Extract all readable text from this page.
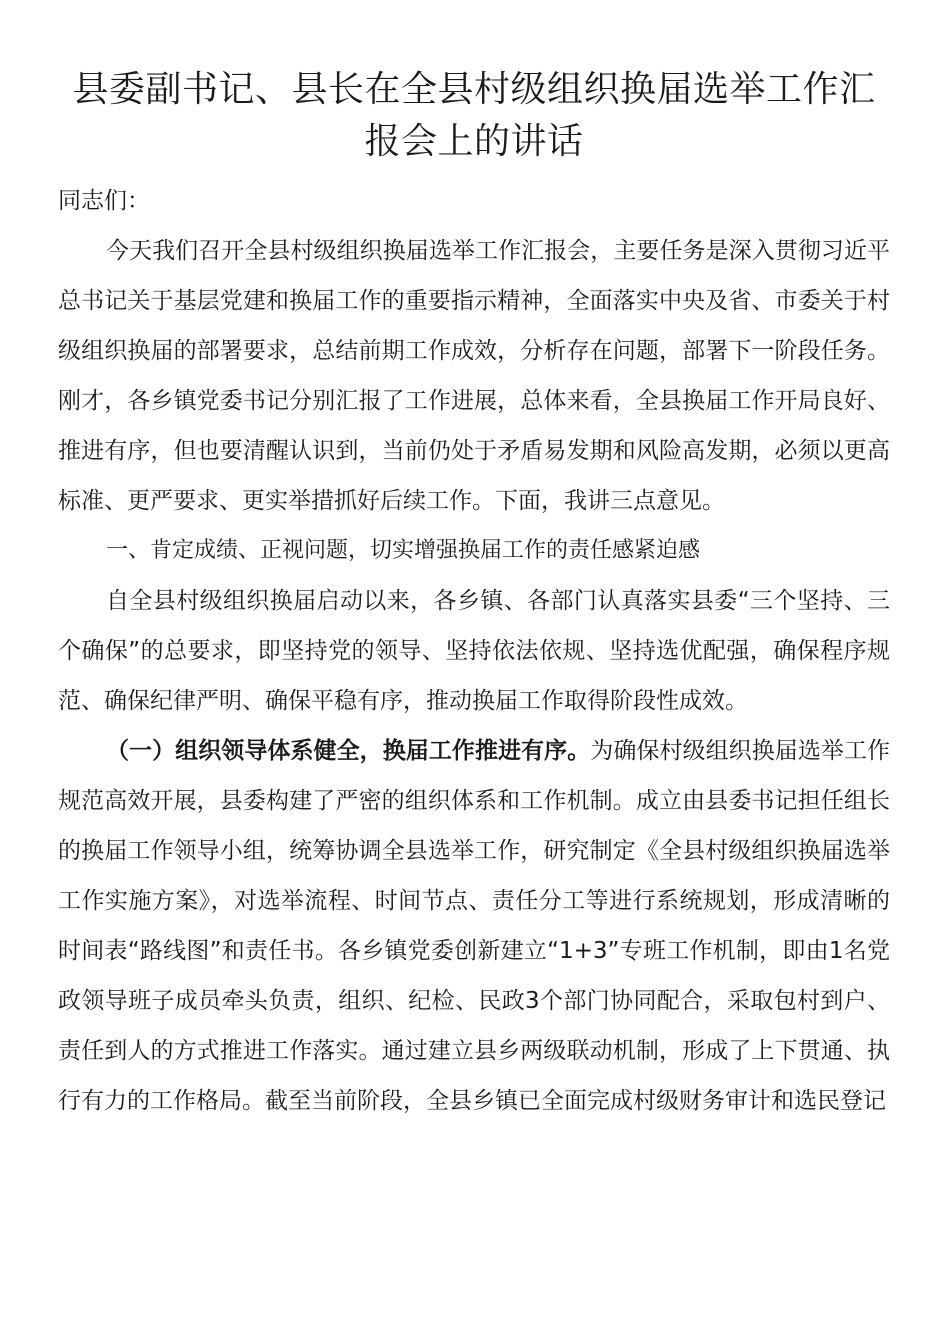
县委副书记、县长在全县村级组织换届选举工作汇报会上的讲话

同志们：

今天我们召开全县村级组织换届选举工作汇报会，主要任务是深入贯彻习近平总书记关于基层党建和换届工作的重要指示精神，全面落实中央及省、市委关于村级组织换届的部署要求，总结前期工作成效，分析存在问题，部署下一阶段任务。刚才，各乡镇党委书记分别汇报了工作进展，总体来看，全县换届工作开局良好、推进有序，但也要清醒认识到，当前仍处于矛盾易发期和风险高发期，必须以更高标准、更严要求、更实举措抓好后续工作。下面，我讲三点意见。

一、肯定成绩、正视问题，切实增强换届工作的责任感紧迫感

自全县村级组织换届启动以来，各乡镇、各部门认真落实县委“三个坚持、三个确保”的总要求，即坚持党的领导、坚持依法依规、坚持选优配强，确保程序规范、确保纪律严明、确保平稳有序，推动换届工作取得阶段性成效。

（一）组织领导体系健全，换届工作推进有序。为确保村级组织换届选举工作规范高效开展，县委构建了严密的组织体系和工作机制。成立由县委书记担任组长的换届工作领导小组，统筹协调全县选举工作，研究制定《全县村级组织换届选举工作实施方案》，对选举流程、时间节点、责任分工等进行系统规划，形成清晰的时间表“路线图”和责任书。各乡镇党委创新建立“1+3”专班工作机制，即由1名党政领导班子成员牵头负责，组织、纪检、民政3个部门协同配合，采取包村到户、责任到人的方式推进工作落实。通过建立县乡两级联动机制，形成了上下贯通、执行有力的工作格局。截至当前阶段，全县乡镇已全面完成村级财务审计和选民登记
